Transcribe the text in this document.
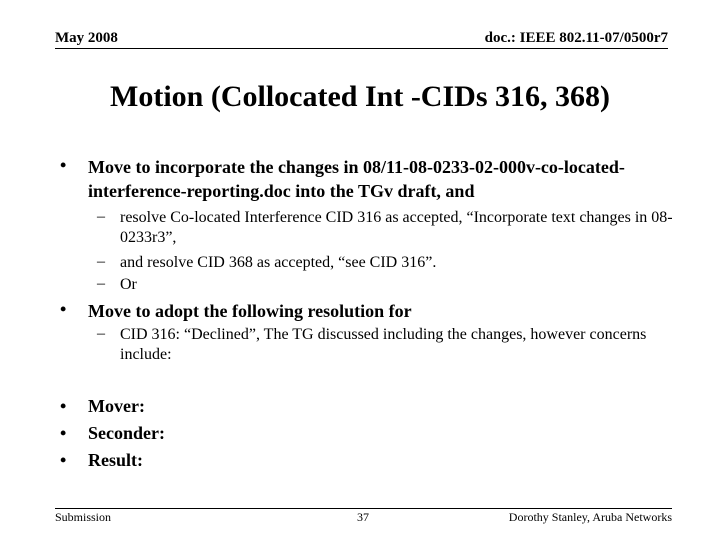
May 2008	doc.: IEEE 802.11-07/0500r7
Motion (Collocated Int -CIDs 316, 368)
• Move to incorporate the changes in 08/11-08-0233-02-000v-co-located-interference-reporting.doc into the TGv draft, and
– resolve Co-located Interference CID 316 as accepted, “Incorporate text changes in 08-0233r3”,
– and resolve CID 368 as accepted, “see CID 316”.
– Or
• Move to adopt the following resolution for
– CID 316: “Declined”, The TG discussed including the changes, however concerns include:
• Mover:
• Seconder:
• Result:
Submission	37	Dorothy Stanley, Aruba Networks
